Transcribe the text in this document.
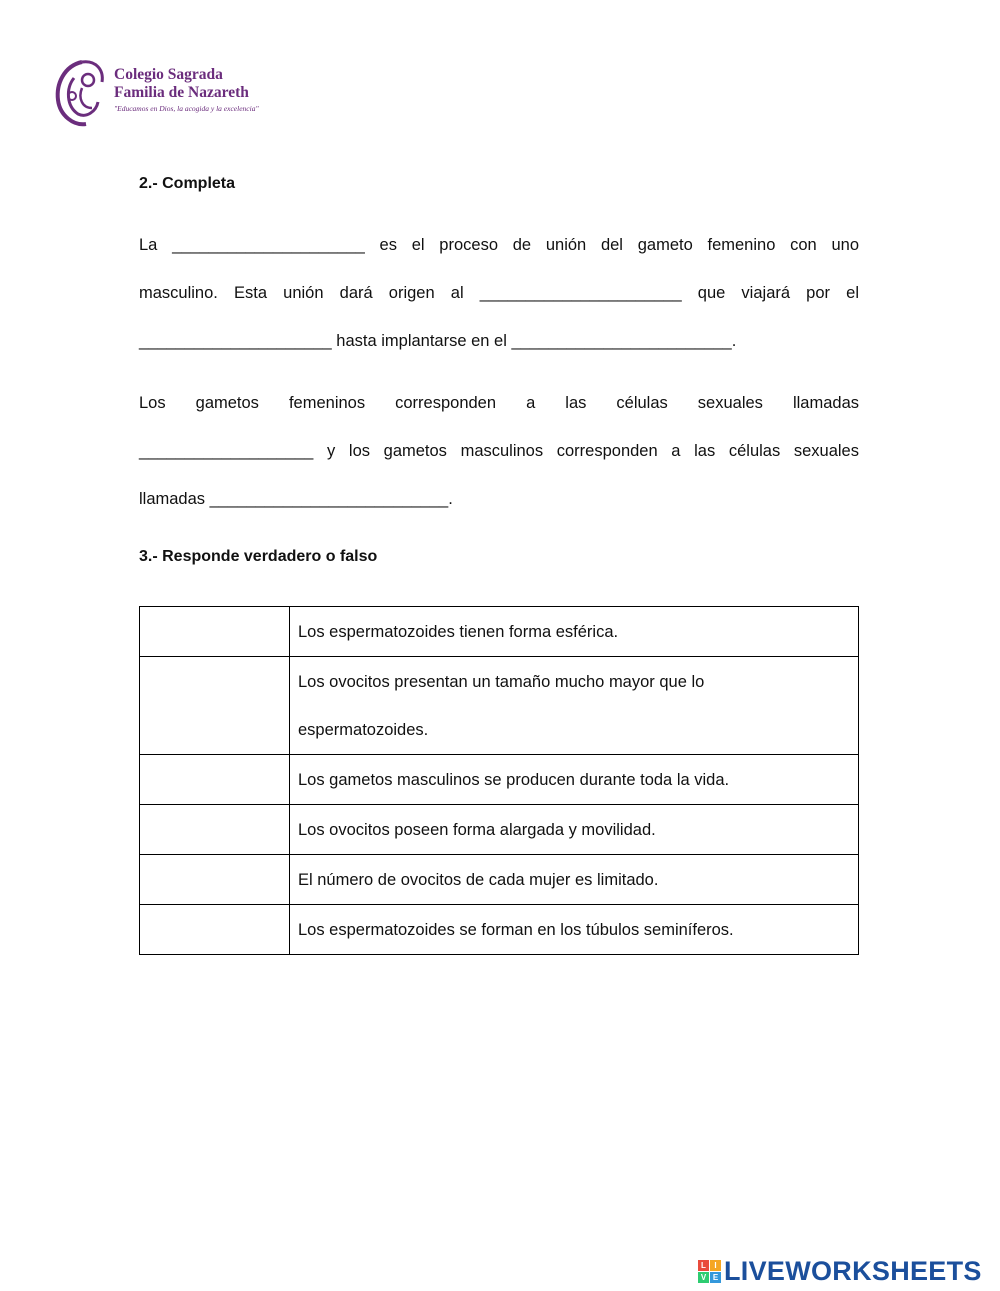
Colegio Sagrada
Familia de Nazareth
"Educamos en Dios, la acogida y la excelencia"
2.- Completa
La _____________________ es el proceso de unión del gameto femenino con uno
masculino. Esta unión dará origen al ______________________ que viajará por el
_____________________ hasta implantarse en el ________________________.
Los gametos femeninos corresponden a las células sexuales llamadas
___________________ y los gametos masculinos corresponden a las células sexuales
llamadas __________________________.
3.- Responde verdadero o falso

	Los espermatozoides tienen forma esférica.

	Los ovocitos presentan un tamaño mucho mayor que lo
espermatozoides.

	Los gametos masculinos se producen durante toda la vida.

	Los ovocitos poseen forma alargada y movilidad.

	El número de ovocitos de cada mujer es limitado.

	Los espermatozoides se forman en los túbulos seminíferos.
L	I
V E LIVEWORKSHEETS
